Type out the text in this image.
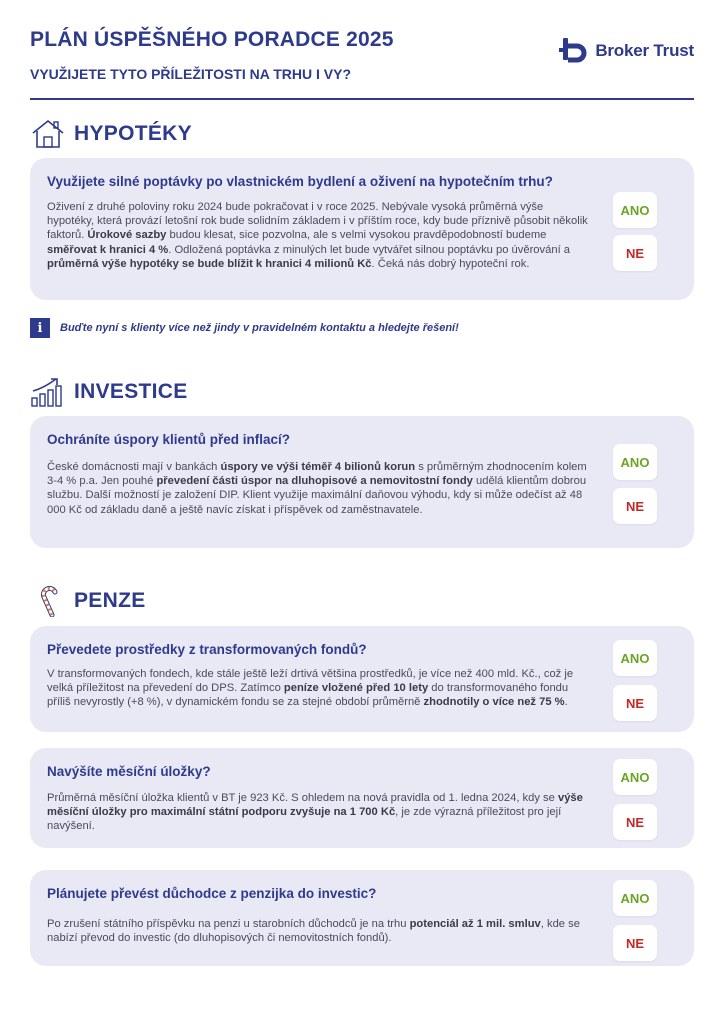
PLÁN ÚSPĚŠNÉHO PORADCE 2025
VYUŽIJETE TYTO PŘÍLEŽITOSTI NA TRHU I VY?
Broker Trust
HYPOTÉKY
Využijete silné poptávky po vlastnickém bydlení a oživení na hypotečním trhu?
Oživení z druhé poloviny roku 2024 bude pokračovat i v roce 2025. Nebývale vysoká průměrná výše hypotéky, která provází letošní rok bude solidním základem i v příštím roce, kdy bude příznivě působit několik faktorů. Úrokové sazby budou klesat, sice pozvolna, ale s velmi vysokou pravděpodobností budeme směřovat k hranici 4 %. Odložená poptávka z minulých let bude vytvářet silnou poptávku po úvěrování a průměrná výše hypotéky se bude blížit k hranici 4 milionů Kč. Čeká nás dobrý hypoteční rok.
ANO
NE
i	Buďte nyní s klienty více než jindy v pravidelném kontaktu a hledejte řešení!
INVESTICE
Ochráníte úspory klientů před inflací?
České domácnosti mají v bankách úspory ve výši téměř 4 bilionů korun s průměrným zhodnocením kolem 3-4 % p.a. Jen pouhé převedení části úspor na dluhopisové a nemovitostní fondy udělá klientům dobrou službu. Další možností je založení DIP. Klient využije maximální daňovou výhodu, kdy si může odečíst až 48 000 Kč od základu daně a ještě navíc získat i příspěvek od zaměstnavatele.
ANO
NE
PENZE
Převedete prostředky z transformovaných fondů?
V transformovaných fondech, kde stále ještě leží drtivá většina prostředků, je více než 400 mld. Kč., což je velká příležitost na převedení do DPS. Zatímco peníze vložené před 10 lety do transformovaného fondu příliš nevyrostly (+8 %), v dynamickém fondu se za stejné období průměrně zhodnotily o více než 75 %.
ANO
NE
Navýšíte měsíční úložky?
Průměrná měsíční úložka klientů v BT je 923 Kč. S ohledem na nová pravidla od 1. ledna 2024, kdy se výše měsíční úložky pro maximální státní podporu zvyšuje na 1 700 Kč, je zde výrazná příležitost pro její navýšení.
ANO
NE
Plánujete převést důchodce z penzijka do investic?
Po zrušení státního příspěvku na penzi u starobních důchodců je na trhu potenciál až 1 mil. smluv, kde se nabízí převod do investic (do dluhopisových či nemovitostních fondů).
ANO
NE
